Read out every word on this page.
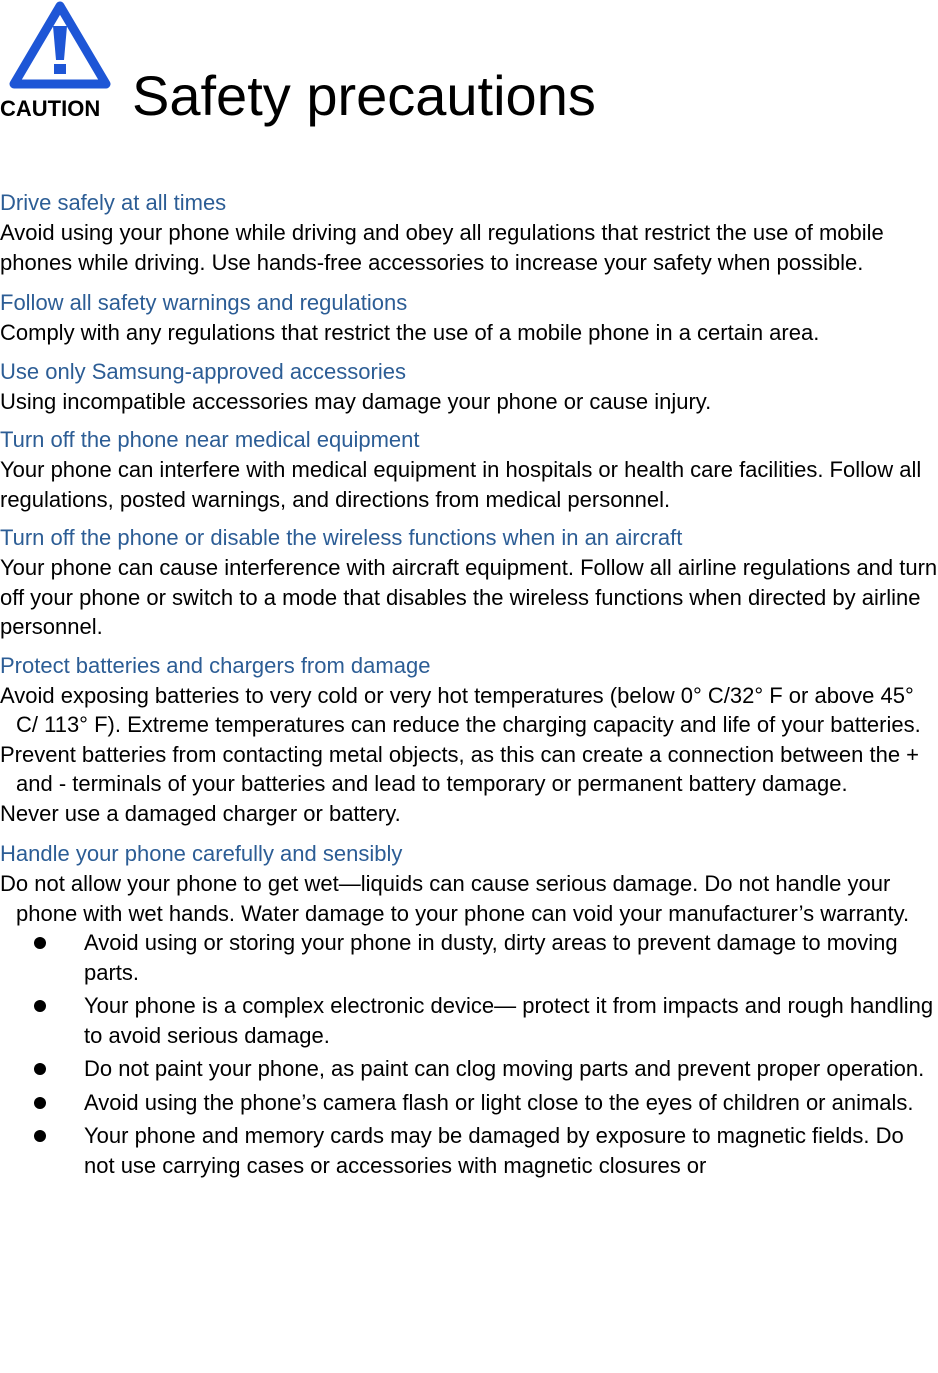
CAUTION Safety precautions
Drive safely at all times

Avoid using your phone while driving and obey all regulations that restrict the use of mobile phones while driving. Use hands-free accessories to increase your safety when possible.

Follow all safety warnings and regulations

Comply with any regulations that restrict the use of a mobile phone in a certain area.

Use only Samsung-approved accessories

Using incompatible accessories may damage your phone or cause injury.

Turn off the phone near medical equipment

Your phone can interfere with medical equipment in hospitals or health care facilities. Follow all regulations, posted warnings, and directions from medical personnel.

Turn off the phone or disable the wireless functions when in an aircraft

Your phone can cause interference with aircraft equipment. Follow all airline regulations and turn off your phone or switch to a mode that disables the wireless functions when directed by airline personnel.

Protect batteries and chargers from damage

Avoid exposing batteries to very cold or very hot temperatures (below 0° C/32° F or above 45° C/ 113° F). Extreme temperatures can reduce the charging capacity and life of your batteries.

Prevent batteries from contacting metal objects, as this can create a connection between the + and - terminals of your batteries and lead to temporary or permanent battery damage.

Never use a damaged charger or battery.

Handle your phone carefully and sensibly

Do not allow your phone to get wet—liquids can cause serious damage. Do not handle your phone with wet hands. Water damage to your phone can void your manufacturer’s warranty.

Avoid using or storing your phone in dusty, dirty areas to prevent damage to moving parts.
Your phone is a complex electronic device— protect it from impacts and rough handling to avoid serious damage.
Do not paint your phone, as paint can clog moving parts and prevent proper operation.
Avoid using the phone’s camera flash or light close to the eyes of children or animals.
Your phone and memory cards may be damaged by exposure to magnetic fields. Do not use carrying cases or accessories with magnetic closures or
